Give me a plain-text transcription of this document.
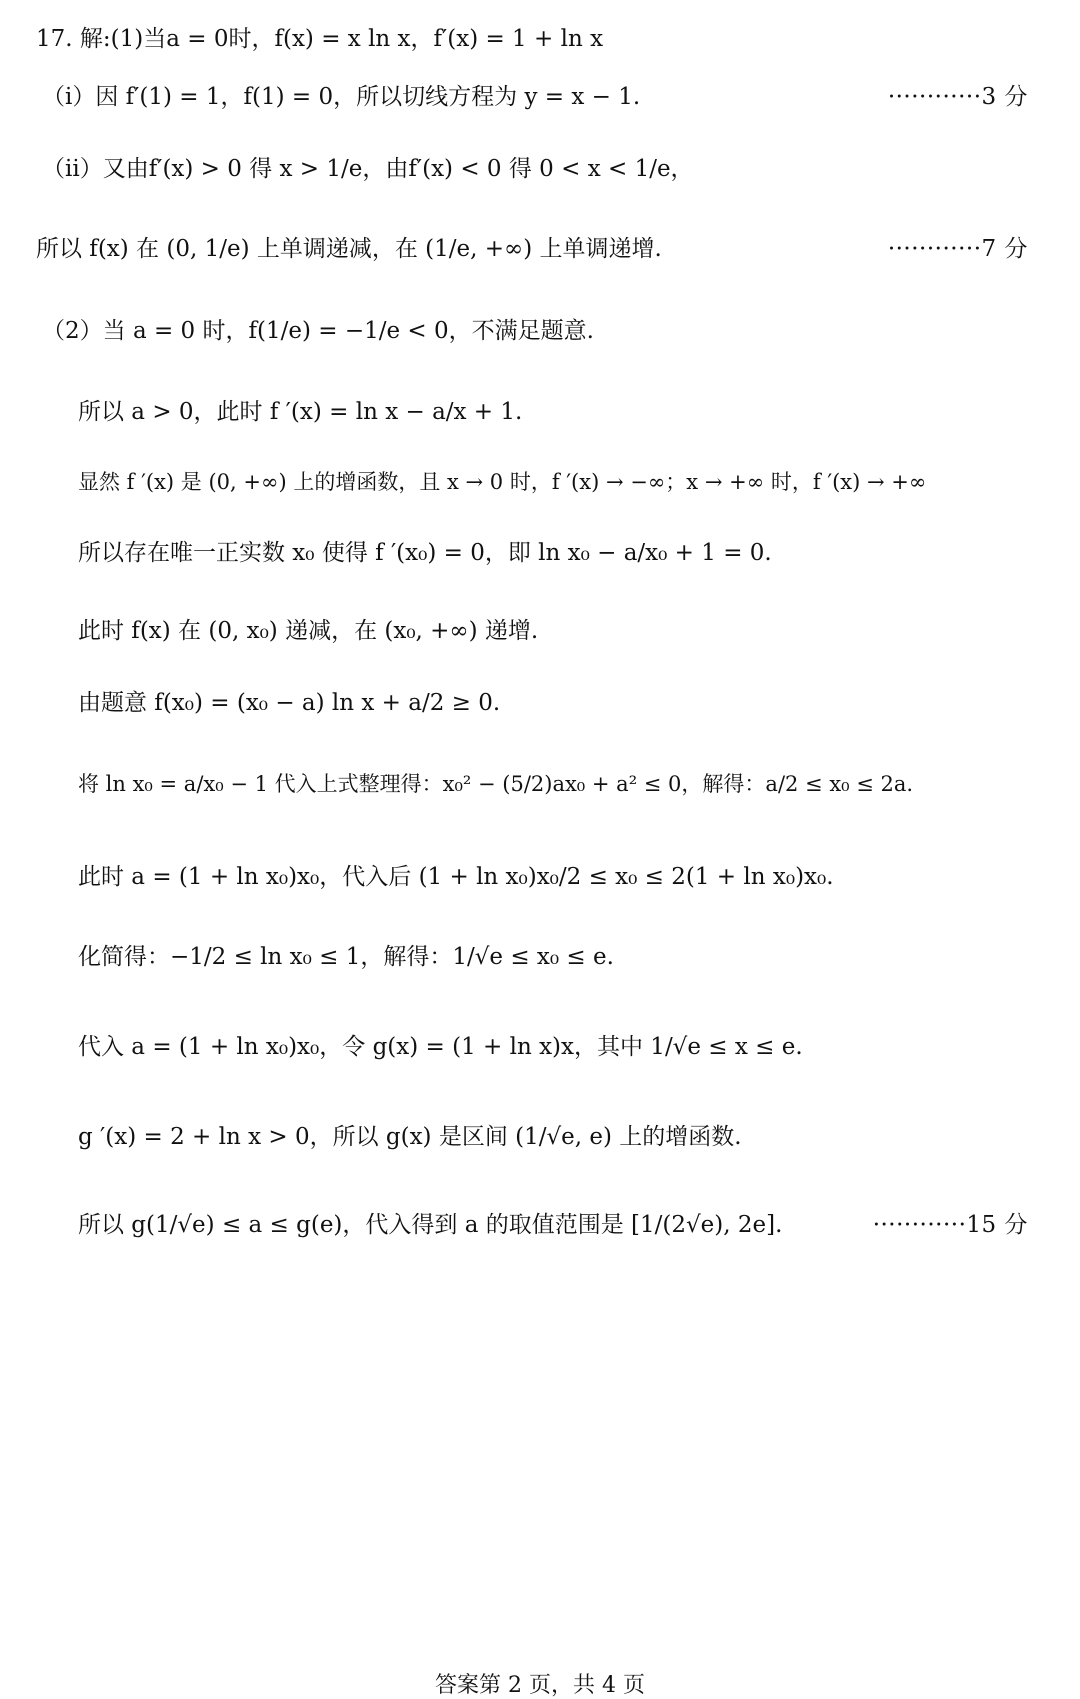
17. 解:(1)当a = 0时，f(x) = x ln x，f′(x) = 1 + ln x
（i）因 f′(1) = 1，f(1) = 0，所以切线方程为 y = x − 1.	············3 分
（ii）又由f′(x) > 0 得 x > 1/e，由f′(x) < 0 得 0 < x < 1/e，
所以 f(x) 在 (0, 1/e) 上单调递减，在 (1/e, +∞) 上单调递增.	············7 分
（2）当 a = 0 时，f(1/e) = −1/e < 0，不满足题意.
所以 a > 0，此时 f ′(x) = ln x − a/x + 1.
显然 f ′(x) 是 (0, +∞) 上的增函数，且 x → 0 时，f ′(x) → −∞；x → +∞ 时，f ′(x) → +∞
所以存在唯一正实数 x₀ 使得 f ′(x₀) = 0，即 ln x₀ − a/x₀ + 1 = 0.
此时 f(x) 在 (0, x₀) 递减，在 (x₀, +∞) 递增.
由题意 f(x₀) = (x₀ − a) ln x + a/2 ≥ 0.
将 ln x₀ = a/x₀ − 1 代入上式整理得：x₀² − (5/2)ax₀ + a² ≤ 0，解得：a/2 ≤ x₀ ≤ 2a.
此时 a = (1 + ln x₀)x₀，代入后 (1 + ln x₀)x₀/2 ≤ x₀ ≤ 2(1 + ln x₀)x₀.
化简得：−1/2 ≤ ln x₀ ≤ 1，解得：1/√e ≤ x₀ ≤ e.
代入 a = (1 + ln x₀)x₀，令 g(x) = (1 + ln x)x，其中 1/√e ≤ x ≤ e.
g ′(x) = 2 + ln x > 0，所以 g(x) 是区间 (1/√e, e) 上的增函数.
所以 g(1/√e) ≤ a ≤ g(e)，代入得到 a 的取值范围是 [1/(2√e), 2e].	············15 分
答案第 2 页，共 4 页
